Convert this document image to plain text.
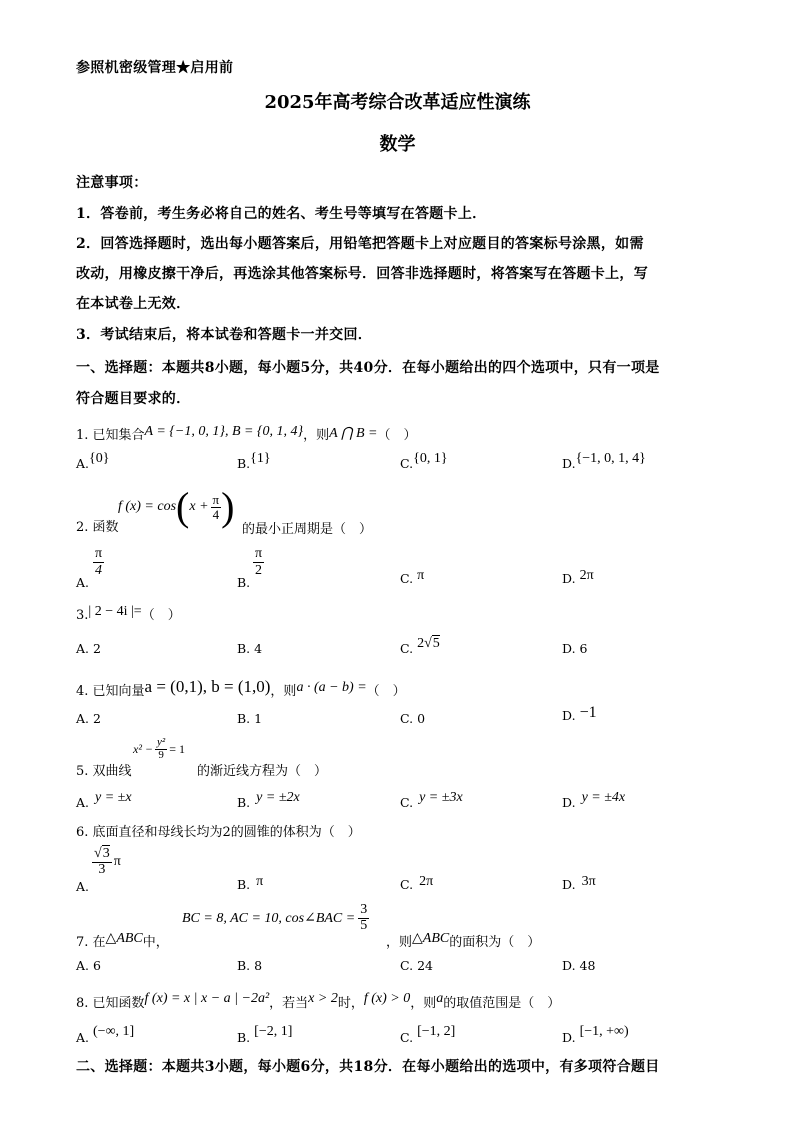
参照机密级管理★启用前
2025年高考综合改革适应性演练
数学
注意事项：
1．答卷前，考生务必将自己的姓名、考生号等填写在答题卡上．
2．回答选择题时，选出每小题答案后，用铅笔把答题卡上对应题目的答案标号涂黑，如需
改动，用橡皮擦干净后，再选涂其他答案标号．回答非选择题时，将答案写在答题卡上，写
在本试卷上无效．
3．考试结束后，将本试卷和答题卡一并交回．
一、选择题：本题共8小题，每小题5分，共40分．在每小题给出的四个选项中，只有一项是
符合题目要求的．
1. 已知集合A = {−1, 0, 1}, B = {0, 1, 4}，则A ⋂ B =（　）
A.{0}	B.{1}	C.{0, 1}	D.{−1, 0, 1, 4}
2. 函数
f (x) = cos ( $x + \frac{\pi}{4}$ )
的最小正周期是（　）
$\frac{\pi}{4}$
A.
$\frac{\pi}{2}$
B.	C. π	D. 2π
3.| 2 − 4i |=（　）
A. 2	B. 4	C. 2√5	D. 6
4. 已知向量a = (0,1), b = (1,0)，则a · (a − b) =（　）
A. 2	B. 1	C. 0	D. −1
5. 双曲线
$x^2 - \frac{\text{y²}}{9} = 1$
的渐近线方程为（　）
A. y = ±x	B. y = ±2x	C. y = ±3x	D. y = ±4x
6. 底面直径和母线长均为2的圆锥的体积为（　）
$\frac{√3}{3}$ π
A.	B. π	C. 2π	D. 3π
7. 在△ABC中，
BC = 8, AC = 10, cos∠BAC = $\frac{3}{5}$
，则△ABC的面积为（　）
A. 6	B. 8	C. 24	D. 48
8. 已知函数f (x) = x | x − a | −2a²，若当x > 2时，f (x) > 0，则a的取值范围是（　）
A. (−∞, 1]	B. [−2, 1]	C. [−1, 2]	D. [−1, +∞)
二、选择题：本题共3小题，每小题6分，共18分．在每小题给出的选项中，有多项符合题目
